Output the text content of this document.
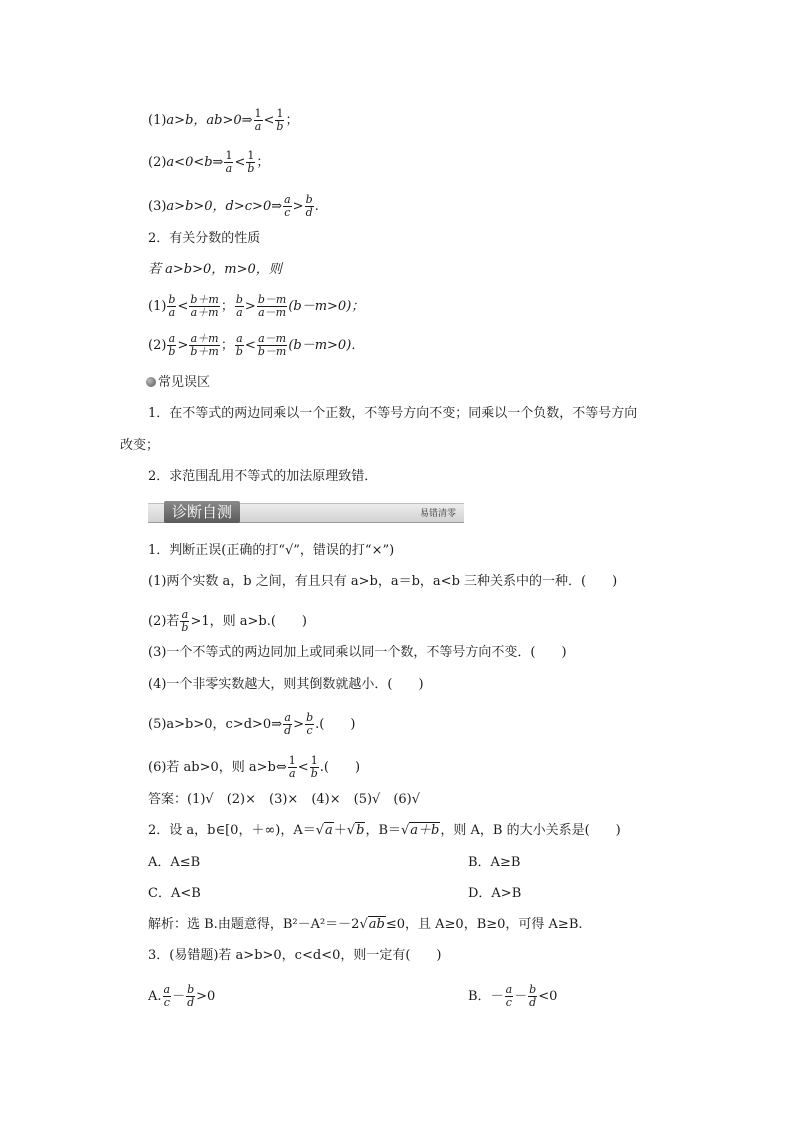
(1)a>b，ab>0⇒ $\frac{1}{a} < \frac{1}{b}$ ；
(2)a<0<b⇒ $\frac{1}{a} < \frac{1}{b}$ ；
(3)a>b>0，d>c>0⇒ $\frac{a}{c} > \frac{b}{d}$ .
2．有关分数的性质
若 a>b>0，m>0，则
$(1) \frac{b}{a} < \frac{b+m}{a+m}$ ； $\frac{b}{a} > \frac{b-m}{a-m} (b-m>0)$；
$(2) \frac{a}{b} > \frac{a+m}{b+m}$ ； $\frac{a}{b} < \frac{a-m}{b-m} (b-m>0)$．
常见误区
1．在不等式的两边同乘以一个正数，不等号方向不变；同乘以一个负数，不等号方向
改变；
2．求范围乱用不等式的加法原理致错．
诊断自测	易错清零
1．判断正误(正确的打“√”，错误的打“×”)
(1)两个实数 a，b 之间，有且只有 a>b，a＝b，a<b 三种关系中的一种．(　　)
(2)若 $\frac{a}{b} >1$，则 a>b.(　　)
(3)一个不等式的两边同加上或同乘以同一个数，不等号方向不变．(　　)
(4)一个非零实数越大，则其倒数就越小．(　　)
(5)a>b>0，c>d>0⇒ $\frac{a}{d} > \frac{b}{c}$ .(　　)
(6)若 ab>0，则 a>b⇔ $\frac{1}{a} < \frac{1}{b}$ .(　　)
答案：(1)√　(2)×　(3)×　(4)×　(5)√　(6)√
2．设 a，b∈[0，＋∞)，A＝√a＋√b，B＝√a＋b，则 A，B 的大小关系是(　　)
A．A≤B	B．A≥B
C．A<B	D．A>B
解析：选 B.由题意得，B²－A²＝－2√ab≤0，且 A≥0，B≥0，可得 A≥B.
3．(易错题)若 a>b>0，c<d<0，则一定有(　　)
A. $\frac{a}{c} - \frac{b}{d} >0$	B．－ $\frac{a}{c} - \frac{b}{d} <0$
